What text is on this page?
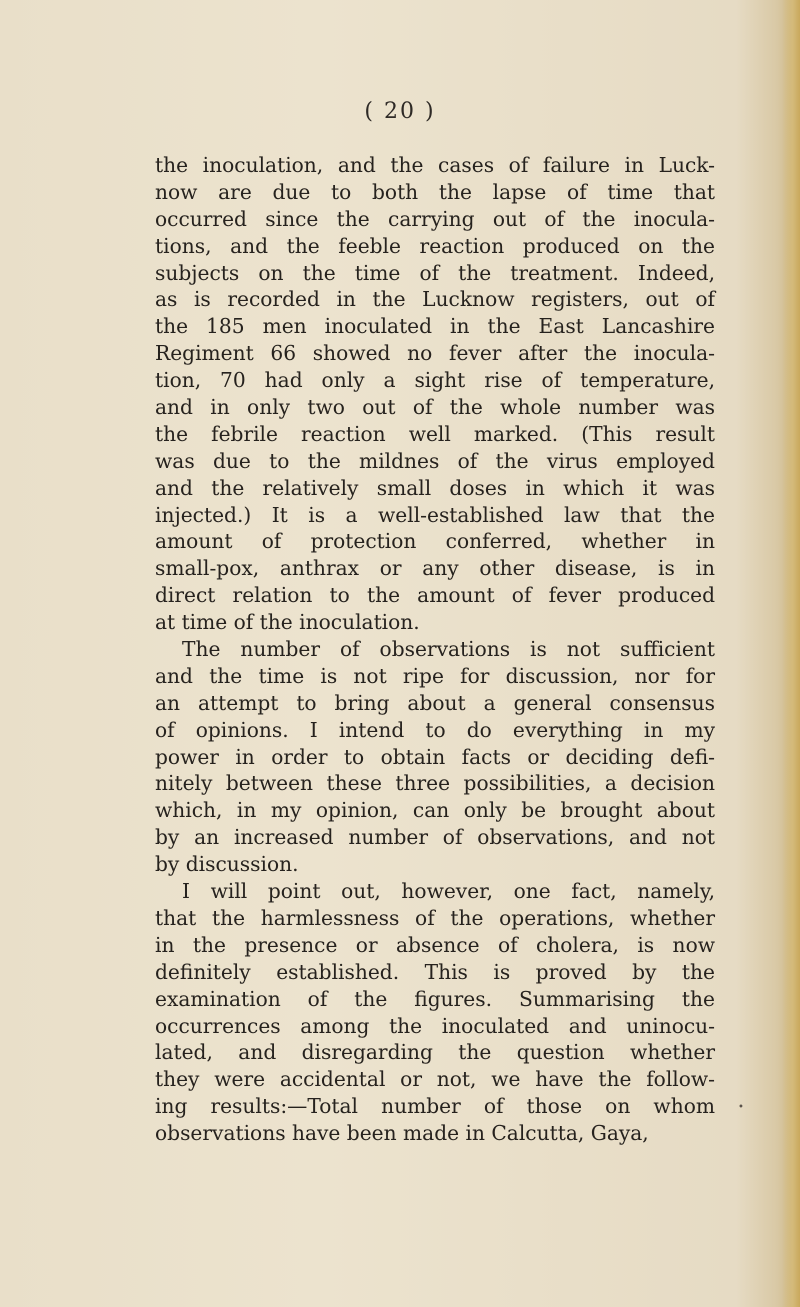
( 20 )
the inoculation, and the cases of failure in Luck-
now are due to both the lapse of time that
occurred since the carrying out of the inocula-
tions, and the feeble reaction produced on the
subjects on the time of the treatment. Indeed,
as is recorded in the Lucknow registers, out of
the 185 men inoculated in the East Lancashire
Regiment 66 showed no fever after the inocula-
tion, 70 had only a sight rise of temperature,
and in only two out of the whole number was
the febrile reaction well marked. (This result
was due to the mildnes of the virus employed
and the relatively small doses in which it was
injected.) It is a well-established law that the
amount of protection conferred, whether in
small-pox, anthrax or any other disease, is in
direct relation to the amount of fever produced
at time of the inoculation.
The number of observations is not sufficient
and the time is not ripe for discussion, nor for
an attempt to bring about a general consensus
of opinions. I intend to do everything in my
power in order to obtain facts or deciding defi-
nitely between these three possibilities, a decision
which, in my opinion, can only be brought about
by an increased number of observations, and not
by discussion.
I will point out, however, one fact, namely,
that the harmlessness of the operations, whether
in the presence or absence of cholera, is now
definitely established. This is proved by the
examination of the figures. Summarising the
occurrences among the inoculated and uninocu-
lated, and disregarding the question whether
they were accidental or not, we have the follow-
ing results:—Total number of those on whom
observations have been made in Calcutta, Gaya,
•
